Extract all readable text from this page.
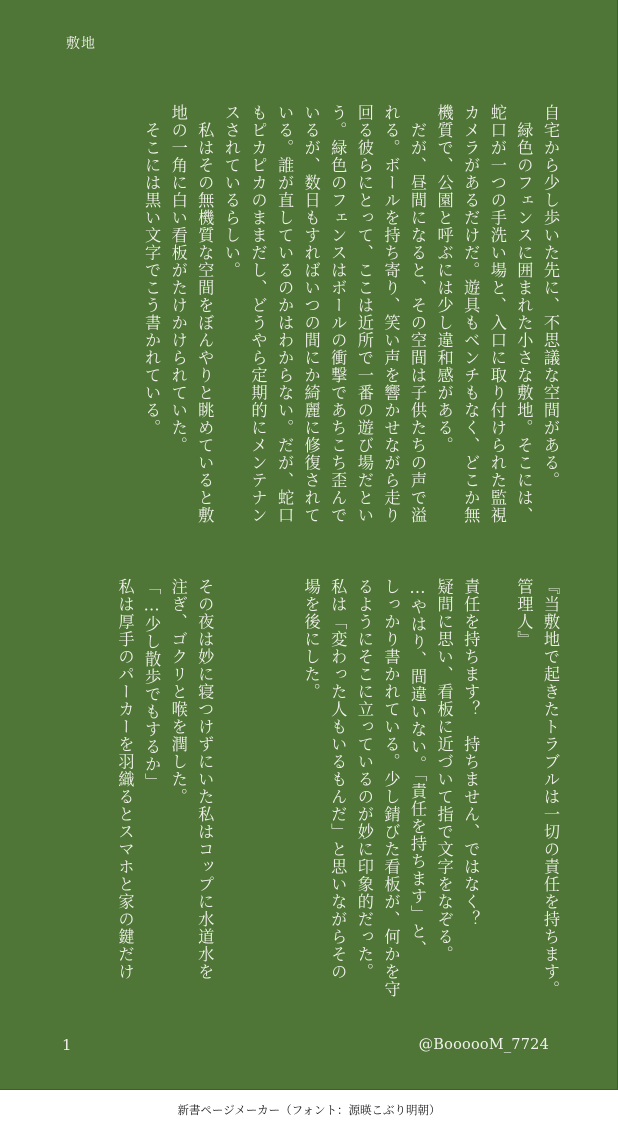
敷地
自宅から少し歩いた先に、不思議な空間がある。
　緑色のフェンスに囲まれた小さな敷地。そこには、
蛇口が一つの手洗い場と、入口に取り付けられた監視
カメラがあるだけだ。遊具もベンチもなく、どこか無
機質で、公園と呼ぶには少し違和感がある。
　だが、昼間になると、その空間は子供たちの声で溢
れる。ボールを持ち寄り、笑い声を響かせながら走り
回る彼らにとって、ここは近所で一番の遊び場だとい
う。緑色のフェンスはボールの衝撃であちこち歪んで
いるが、数日もすればいつの間にか綺麗に修復されて
いる。誰が直しているのかはわからない。だが、蛇口
もピカピカのままだし、どうやら定期的にメンテナン
スされているらしい。
　私はその無機質な空間をぼんやりと眺めていると敷
地の一角に白い看板がたけかけられていた。
　そこには黒い文字でこう書かれている。
『当敷地で起きたトラブルは一切の責任を持ちます。
管理人』

責任を持ちます？　持ちません、ではなく？
疑問に思い、看板に近づいて指で文字をなぞる。
…やはり、間違いない。「責任を持ちます」と、
しっかり書かれている。少し錆びた看板が、何かを守
るようにそこに立っているのが妙に印象的だった。
私は「変わった人もいるもんだ」と思いながらその
場を後にした。

その夜は妙に寝つけずにいた私はコップに水道水を
注ぎ、ゴクリと喉を潤した。
「…少し散歩でもするか」
私は厚手のパーカーを羽織るとスマホと家の鍵だけ
1	@BoooooM_7724
新書ページメーカー（フォント：源暎こぶり明朝）
